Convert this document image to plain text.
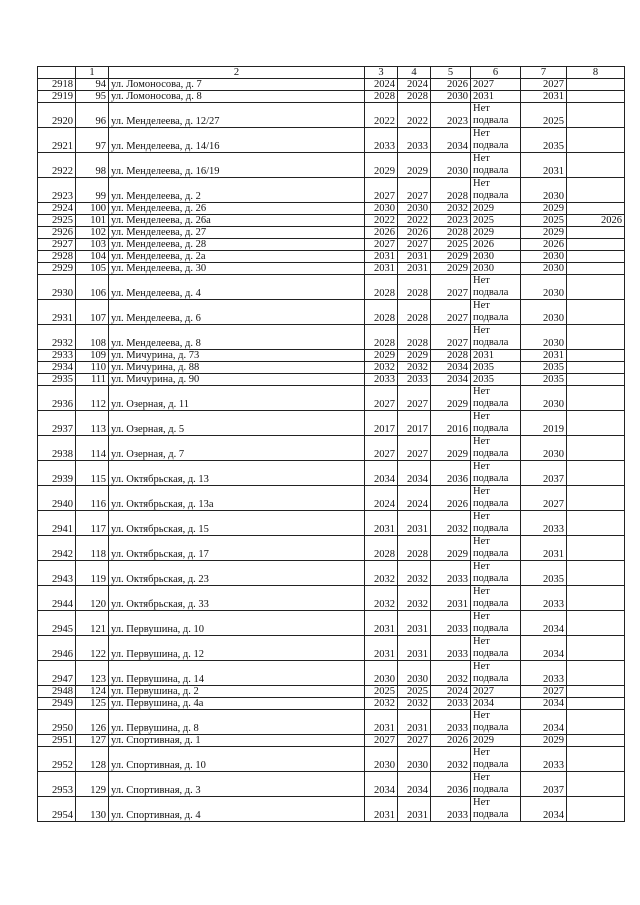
	1	2	3	4	5	6	7	8
2918	94	ул. Ломоносова, д. 7	2024	2024	2026	2027	2027	
2919	95	ул. Ломоносова, д. 8	2028	2028	2030	2031	2031	
2920	96	ул. Менделеева, д. 12/27	2022	2022	2023	Нет подвала	2025	
2921	97	ул. Менделеева, д. 14/16	2033	2033	2034	Нет подвала	2035	
2922	98	ул. Менделеева, д. 16/19	2029	2029	2030	Нет подвала	2031	
2923	99	ул. Менделеева, д. 2	2027	2027	2028	Нет подвала	2030	
2924	100	ул. Менделеева, д. 26	2030	2030	2032	2029	2029	
2925	101	ул. Менделеева, д. 26а	2022	2022	2023	2025	2025	2026
2926	102	ул. Менделеева, д. 27	2026	2026	2028	2029	2029	
2927	103	ул. Менделеева, д. 28	2027	2027	2025	2026	2026	
2928	104	ул. Менделеева, д. 2а	2031	2031	2029	2030	2030	
2929	105	ул. Менделеева, д. 30	2031	2031	2029	2030	2030	
2930	106	ул. Менделеева, д. 4	2028	2028	2027	Нет подвала	2030	
2931	107	ул. Менделеева, д. 6	2028	2028	2027	Нет подвала	2030	
2932	108	ул. Менделеева, д. 8	2028	2028	2027	Нет подвала	2030	
2933	109	ул. Мичурина, д. 73	2029	2029	2028	2031	2031	
2934	110	ул. Мичурина, д. 88	2032	2032	2034	2035	2035	
2935	111	ул. Мичурина, д. 90	2033	2033	2034	2035	2035	
2936	112	ул. Озерная, д. 11	2027	2027	2029	Нет подвала	2030	
2937	113	ул. Озерная, д. 5	2017	2017	2016	Нет подвала	2019	
2938	114	ул. Озерная, д. 7	2027	2027	2029	Нет подвала	2030	
2939	115	ул. Октябрьская, д. 13	2034	2034	2036	Нет подвала	2037	
2940	116	ул. Октябрьская, д. 13а	2024	2024	2026	Нет подвала	2027	
2941	117	ул. Октябрьская, д. 15	2031	2031	2032	Нет подвала	2033	
2942	118	ул. Октябрьская, д. 17	2028	2028	2029	Нет подвала	2031	
2943	119	ул. Октябрьская, д. 23	2032	2032	2033	Нет подвала	2035	
2944	120	ул. Октябрьская, д. 33	2032	2032	2031	Нет подвала	2033	
2945	121	ул. Первушина, д. 10	2031	2031	2033	Нет подвала	2034	
2946	122	ул. Первушина, д. 12	2031	2031	2033	Нет подвала	2034	
2947	123	ул. Первушина, д. 14	2030	2030	2032	Нет подвала	2033	
2948	124	ул. Первушина, д. 2	2025	2025	2024	2027	2027	
2949	125	ул. Первушина, д. 4а	2032	2032	2033	2034	2034	
2950	126	ул. Первушина, д. 8	2031	2031	2033	Нет подвала	2034	
2951	127	ул. Спортивная, д. 1	2027	2027	2026	2029	2029	
2952	128	ул. Спортивная, д. 10	2030	2030	2032	Нет подвала	2033	
2953	129	ул. Спортивная, д. 3	2034	2034	2036	Нет подвала	2037	
2954	130	ул. Спортивная, д. 4	2031	2031	2033	Нет подвала	2034	
